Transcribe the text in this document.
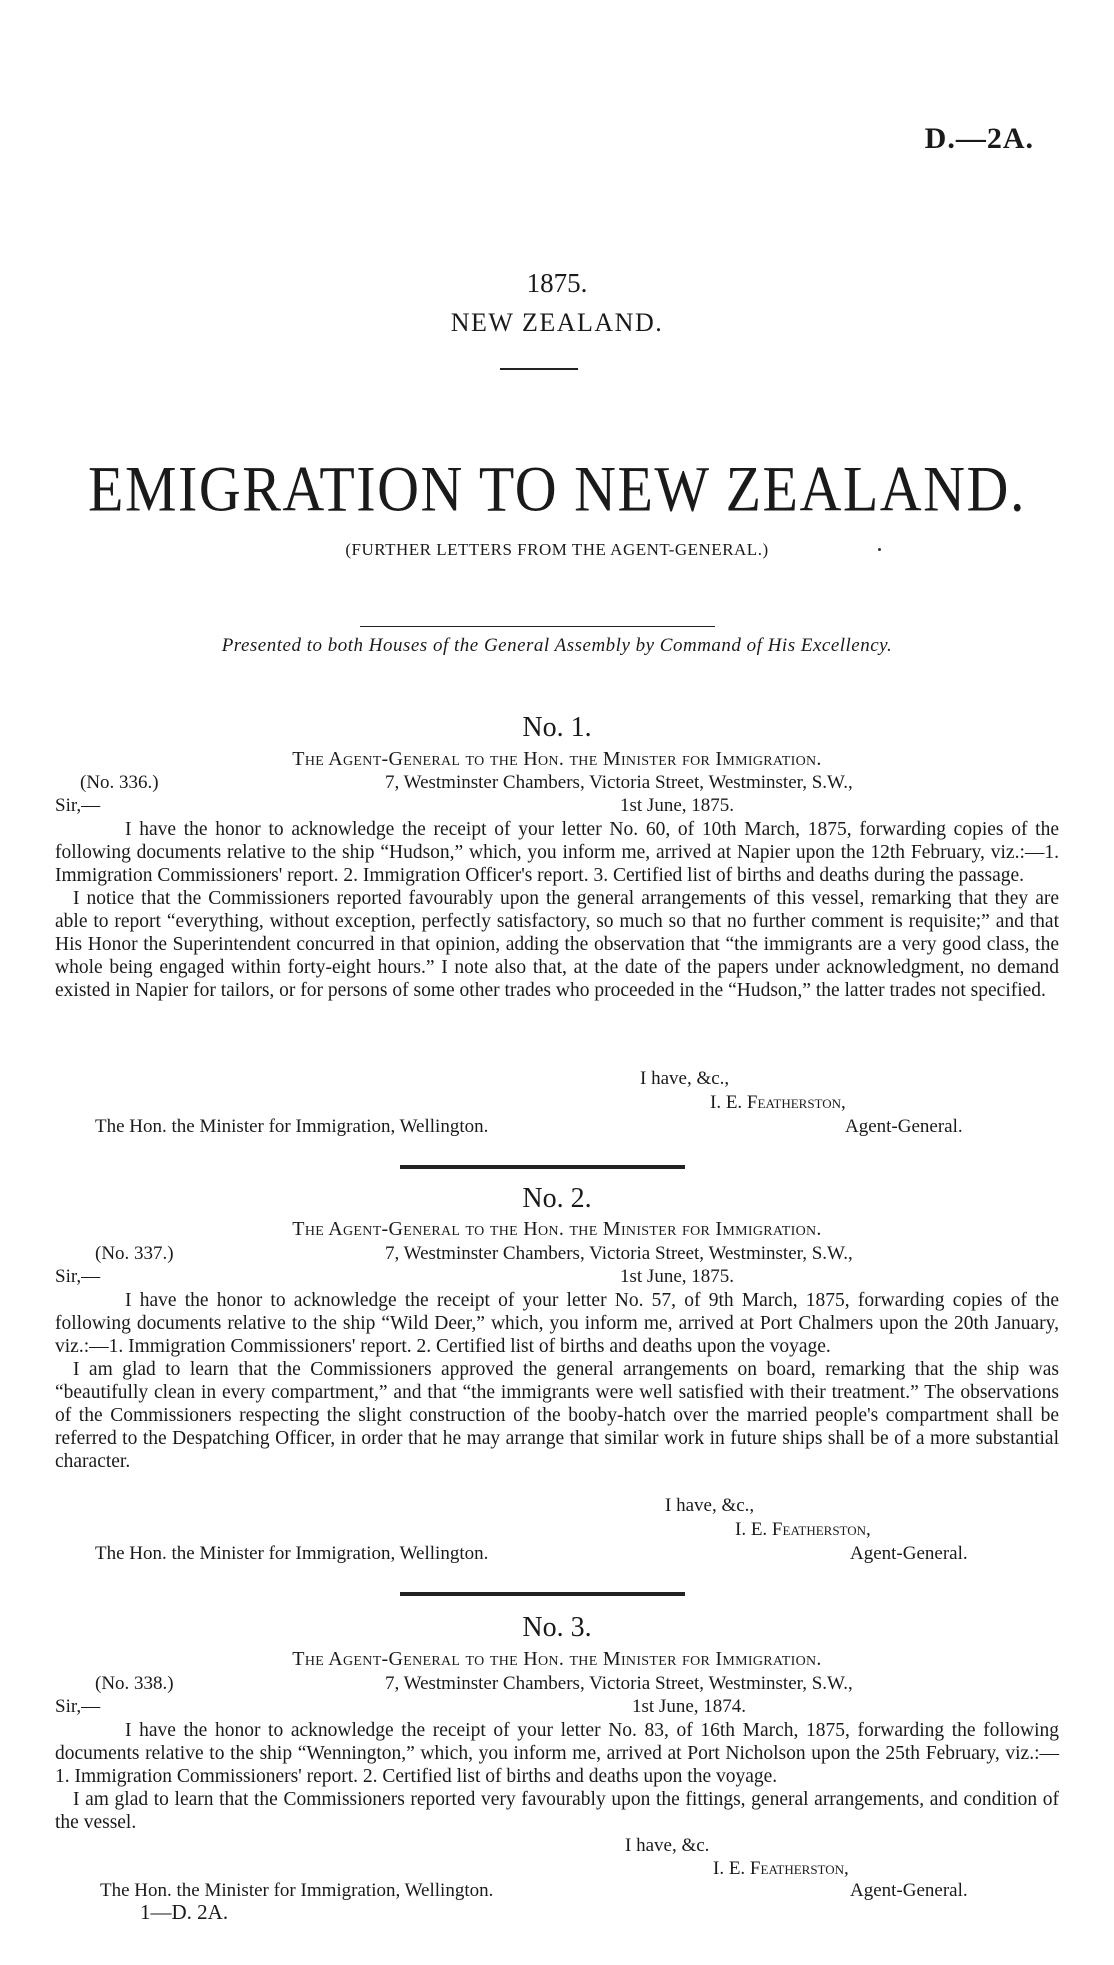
D.—2A.
1875.
NEW ZEALAND.
EMIGRATION TO NEW ZEALAND.
(FURTHER LETTERS FROM THE AGENT-GENERAL.)
Presented to both Houses of the General Assembly by Command of His Excellency.
No. 1.
The Agent-General to the Hon. the Minister for Immigration.
(No. 336.)	7, Westminster Chambers, Victoria Street, Westminster, S.W.,
Sir,—	1st June, 1875.

I have the honor to acknowledge the receipt of your letter No. 60, of 10th March, 1875, forwarding copies of the following documents relative to the ship “Hudson,” which, you inform me, arrived at Napier upon the 12th February, viz.:—1. Immigration Commissioners' report. 2. Immigration Officer's report. 3. Certified list of births and deaths during the passage.

I notice that the Commissioners reported favourably upon the general arrangements of this vessel, remarking that they are able to report “everything, without exception, perfectly satisfactory, so much so that no further comment is requisite;” and that His Honor the Superintendent concurred in that opinion, adding the observation that “the immigrants are a very good class, the whole being engaged within forty-eight hours.” I note also that, at the date of the papers under acknowledgment, no demand existed in Napier for tailors, or for persons of some other trades who proceeded in the “Hudson,” the latter trades not specified.

I have, &c.,
I. E. Featherston,
The Hon. the Minister for Immigration, Wellington.	Agent-General.
No. 2.
The Agent-General to the Hon. the Minister for Immigration.
(No. 337.)	7, Westminster Chambers, Victoria Street, Westminster, S.W.,
Sir,—	1st June, 1875.

I have the honor to acknowledge the receipt of your letter No. 57, of 9th March, 1875, forwarding copies of the following documents relative to the ship “Wild Deer,” which, you inform me, arrived at Port Chalmers upon the 20th January, viz.:—1. Immigration Commissioners' report. 2. Certified list of births and deaths upon the voyage.

I am glad to learn that the Commissioners approved the general arrangements on board, remarking that the ship was “beautifully clean in every compartment,” and that “the immigrants were well satisfied with their treatment.” The observations of the Commissioners respecting the slight construction of the booby-hatch over the married people's compartment shall be referred to the Despatching Officer, in order that he may arrange that similar work in future ships shall be of a more substantial character.

I have, &c.,
I. E. Featherston,
The Hon. the Minister for Immigration, Wellington.	Agent-General.
No. 3.
The Agent-General to the Hon. the Minister for Immigration.
(No. 338.)	7, Westminster Chambers, Victoria Street, Westminster, S.W.,
Sir,—	1st June, 1874.

I have the honor to acknowledge the receipt of your letter No. 83, of 16th March, 1875, forwarding the following documents relative to the ship “Wennington,” which, you inform me, arrived at Port Nicholson upon the 25th February, viz.:—1. Immigration Commissioners' report. 2. Certified list of births and deaths upon the voyage.

I am glad to learn that the Commissioners reported very favourably upon the fittings, general arrangements, and condition of the vessel.

I have, &c.
I. E. Featherston,
The Hon. the Minister for Immigration, Wellington.	Agent-General.
1—D. 2A.
